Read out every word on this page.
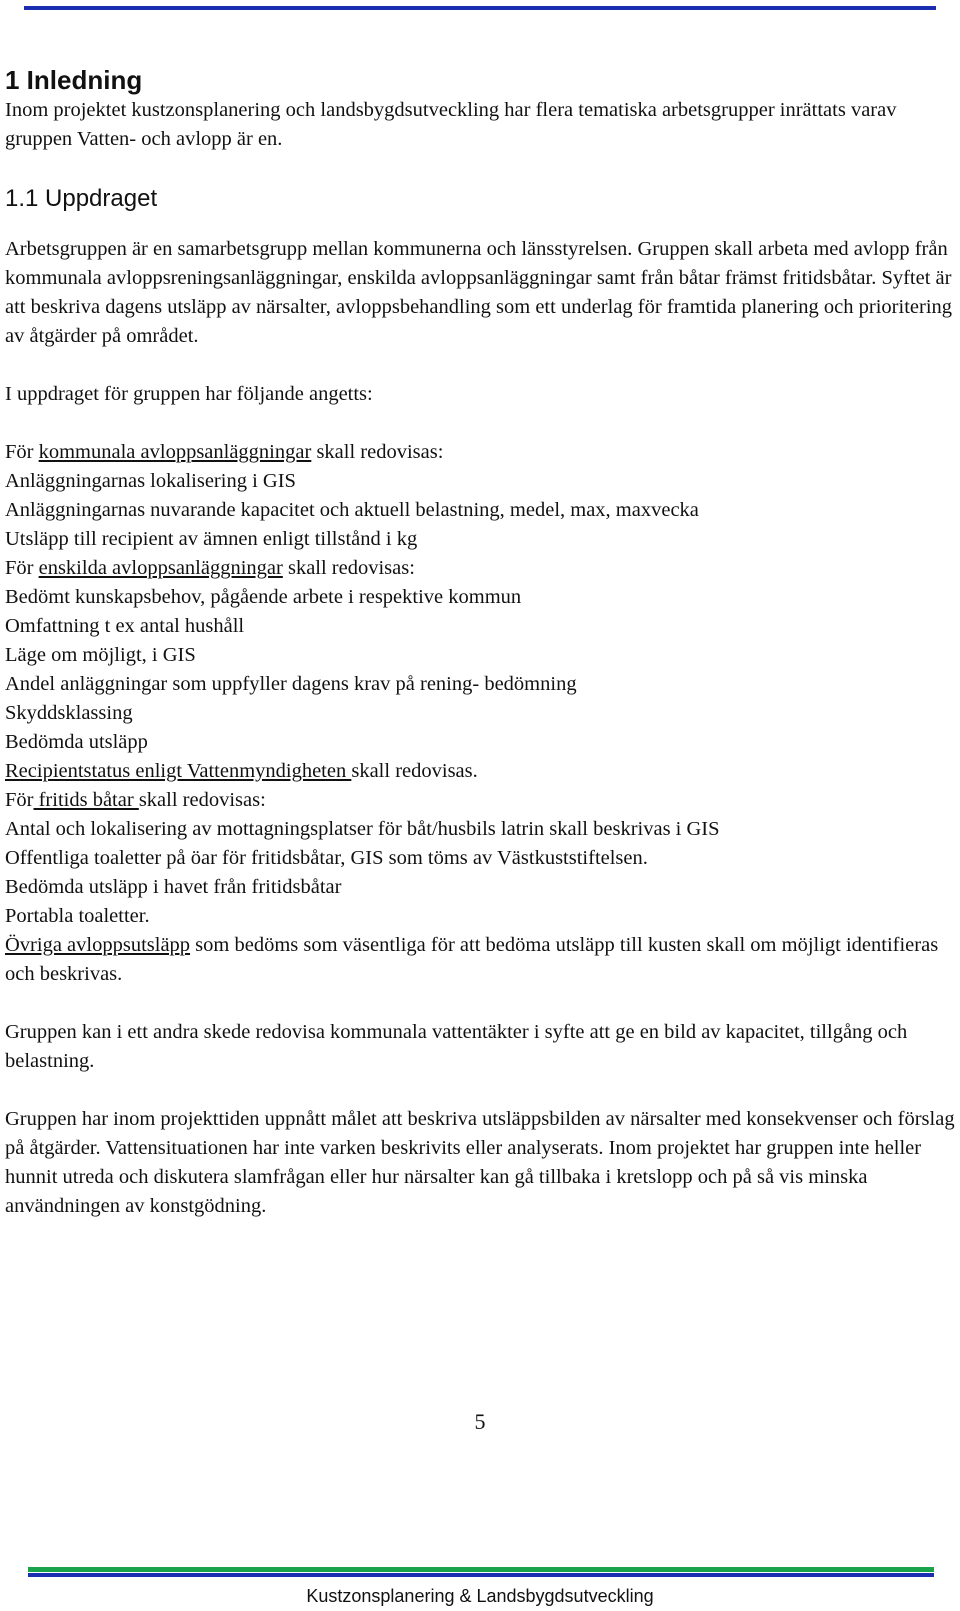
1 Inledning

Inom projektet kustzonsplanering och landsbygdsutveckling har flera tematiska arbetsgrupper inrättats varav gruppen Vatten- och avlopp är en.

1.1 Uppdraget

Arbetsgruppen är en samarbetsgrupp mellan kommunerna och länsstyrelsen. Gruppen skall arbeta med avlopp från kommunala avloppsreningsanläggningar, enskilda avloppsanläggningar samt från båtar främst fritidsbåtar. Syftet är att beskriva dagens utsläpp av närsalter, avloppsbehandling som ett underlag för framtida planering och prioritering av åtgärder på området.

I uppdraget för gruppen har följande angetts:

För kommunala avloppsanläggningar skall redovisas:

Anläggningarnas lokalisering i GIS

Anläggningarnas nuvarande kapacitet och aktuell belastning, medel, max, maxvecka

Utsläpp till recipient av ämnen enligt tillstånd i kg

För enskilda avloppsanläggningar skall redovisas:

Bedömt kunskapsbehov, pågående arbete i respektive kommun

Omfattning t ex antal hushåll

Läge om möjligt, i GIS

Andel anläggningar som uppfyller dagens krav på rening- bedömning

Skyddsklassing

Bedömda utsläpp

Recipientstatus enligt Vattenmyndigheten skall redovisas.

För fritids båtar skall redovisas:

Antal och lokalisering av mottagningsplatser för båt/husbils latrin skall beskrivas i GIS

Offentliga toaletter på öar för fritidsbåtar, GIS som töms av Västkuststiftelsen.

Bedömda utsläpp i havet från fritidsbåtar

Portabla toaletter.

Övriga avloppsutsläpp som bedöms som väsentliga för att bedöma utsläpp till kusten skall om möjligt identifieras och beskrivas.

Gruppen kan i ett andra skede redovisa kommunala vattentäkter i syfte att ge en bild av kapacitet, tillgång och belastning.

Gruppen har inom projekttiden uppnått målet att beskriva utsläppsbilden av närsalter med konsekvenser och förslag på åtgärder. Vattensituationen har inte varken beskrivits eller analyserats. Inom projektet har gruppen inte heller hunnit utreda och diskutera slamfrågan eller hur närsalter kan gå tillbaka i kretslopp och på så vis minska användningen av konstgödning.

5
Kustzonsplanering & Landsbygdsutveckling
